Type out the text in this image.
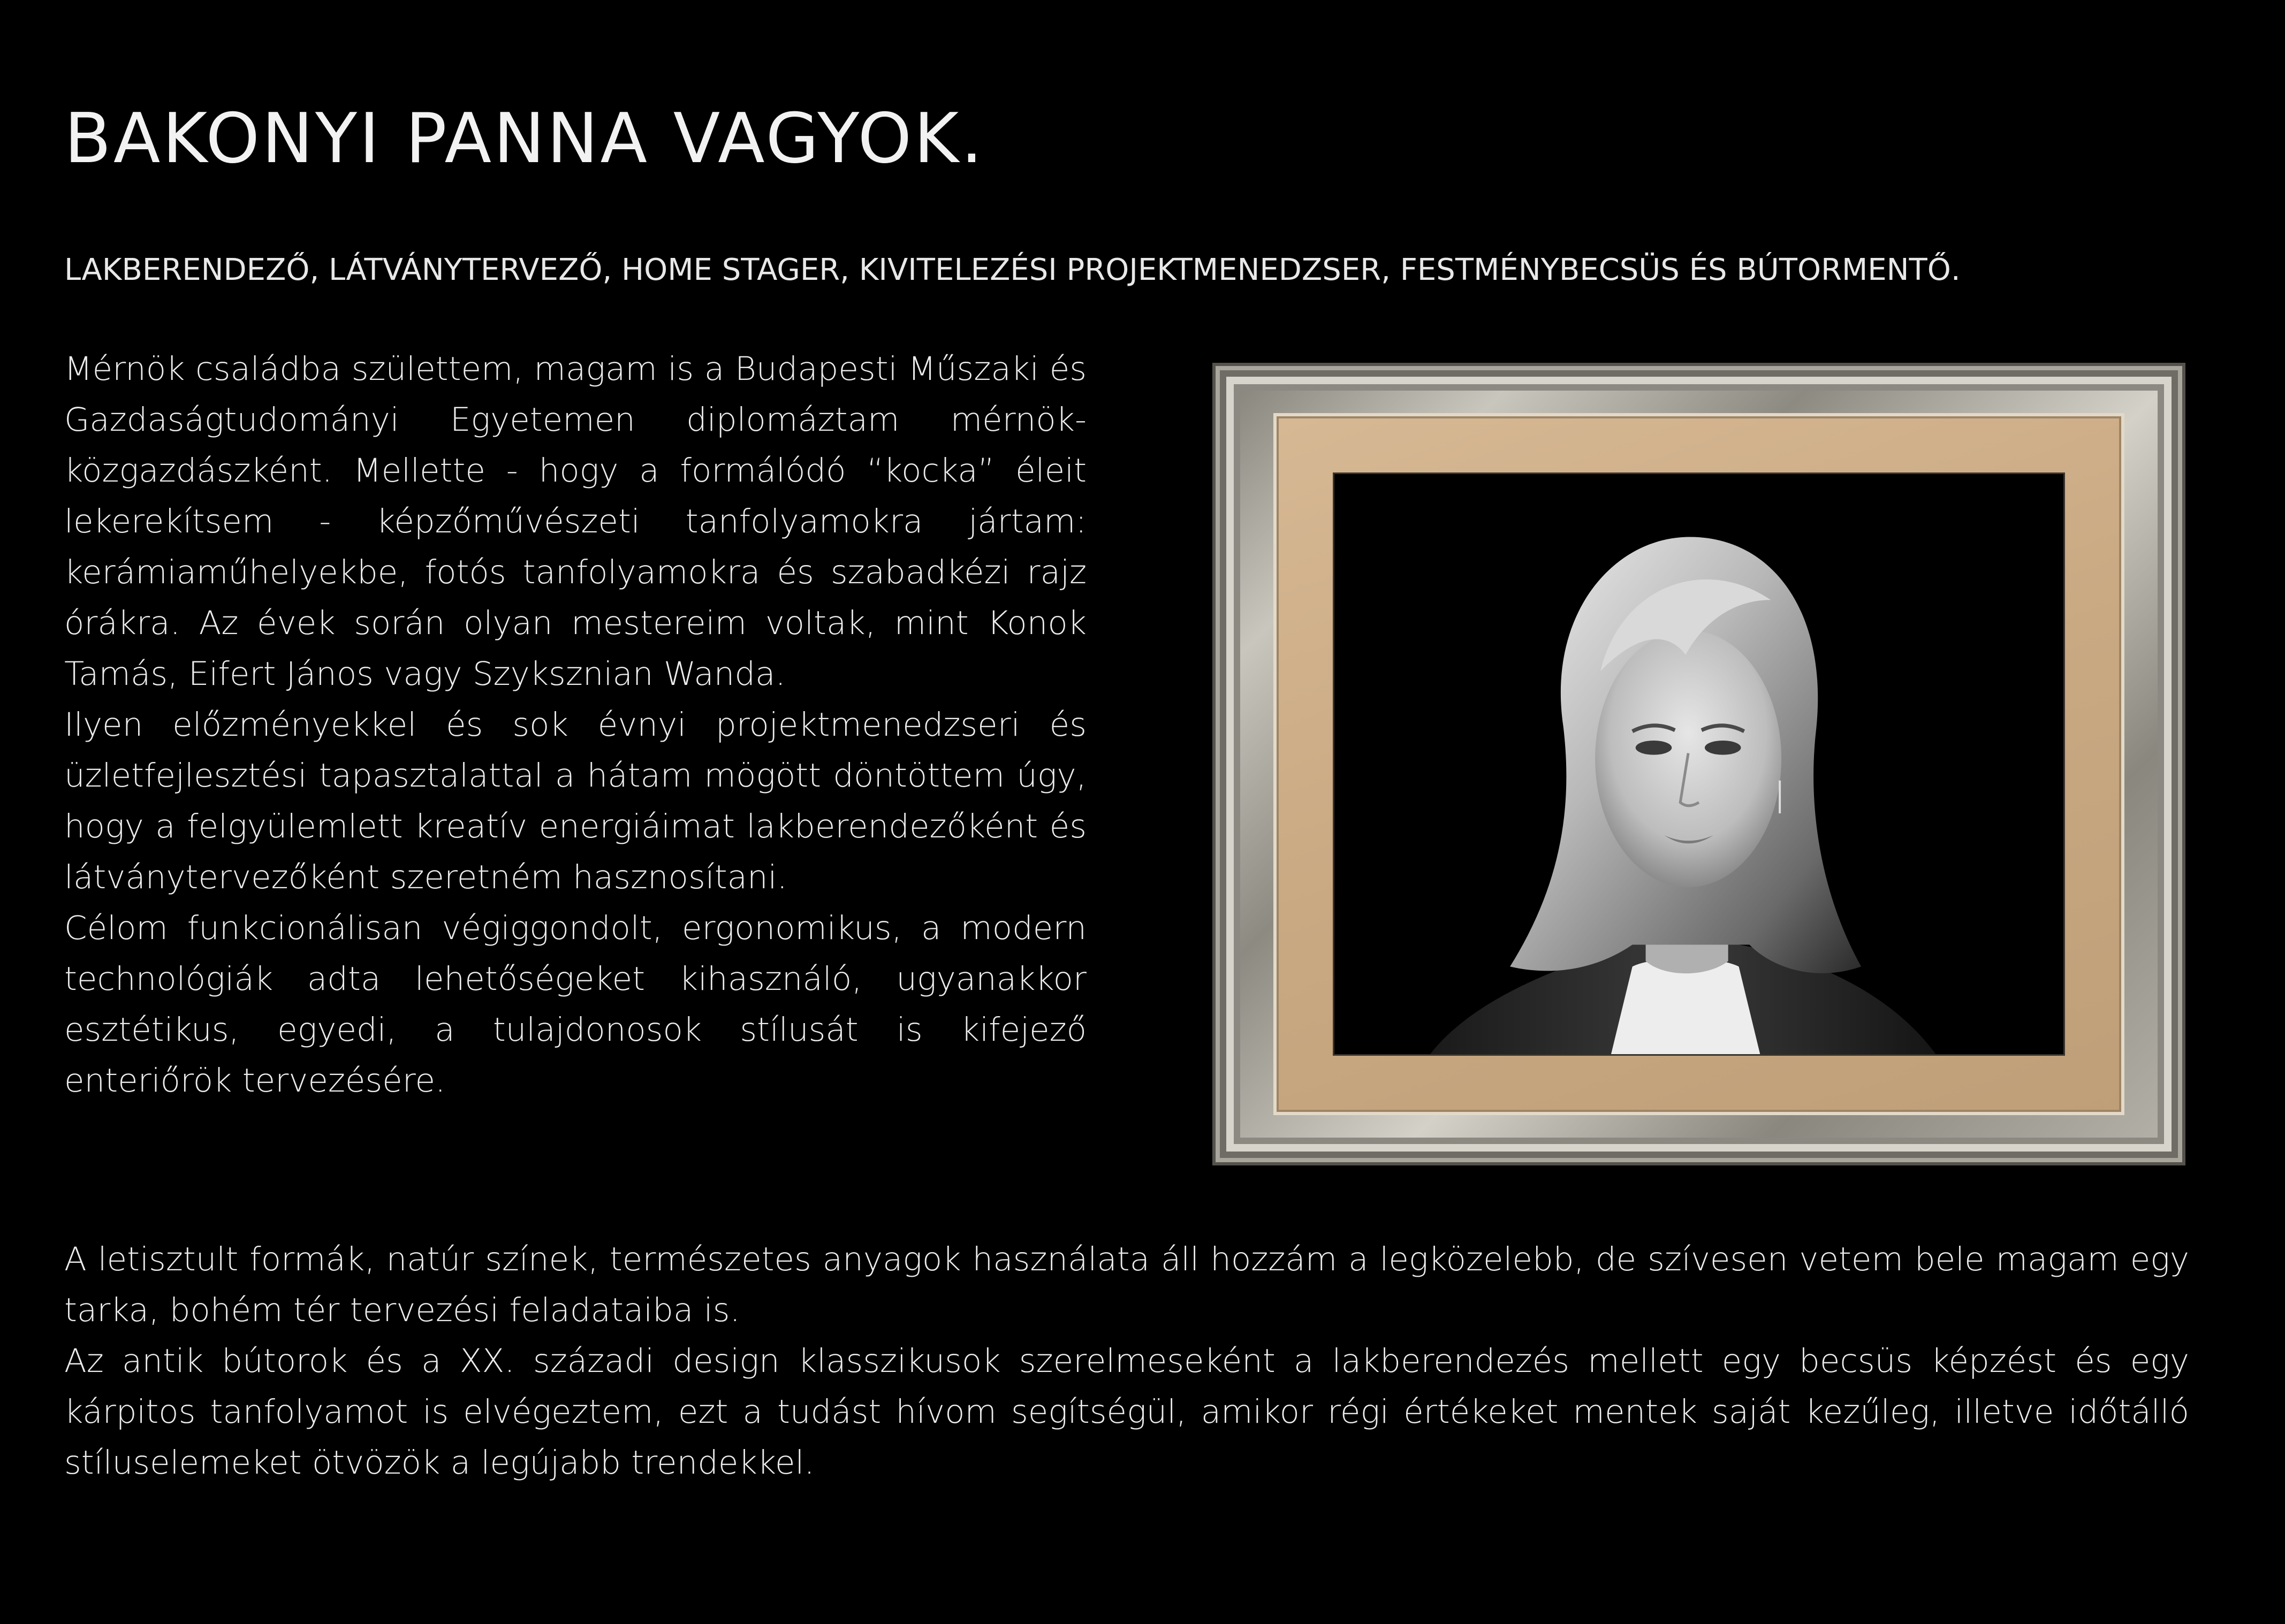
BAKONYI PANNA VAGYOK.

LAKBERENDEZŐ, LÁTVÁNYTERVEZŐ, HOME STAGER, KIVITELEZÉSI PROJEKTMENEDZSER, FESTMÉNYBECSÜS ÉS BÚTORMENTŐ.

Mérnök családba születtem, magam is a Budapesti Műszaki és Gazdaságtudományi Egyetemen diplomáztam mérnök-közgazdászként. Mellette - hogy a formálódó “kocka” éleit lekerekítsem - képzőművészeti tanfolyamokra jártam: kerámiaműhelyekbe, fotós tanfolyamokra és szabadkézi rajz órákra. Az évek során olyan mestereim voltak, mint Konok Tamás, Eifert János vagy Szyksznian Wanda.

Ilyen előzményekkel és sok évnyi projektmenedzseri és üzletfejlesztési tapasztalattal a hátam mögött döntöttem úgy, hogy a felgyülemlett kreatív energiáimat lakberendezőként és látványtervezőként szeretném hasznosítani.

Célom funkcionálisan végiggondolt, ergonomikus, a modern technológiák adta lehetőségeket kihasználó, ugyanakkor esztétikus, egyedi, a tulajdonosok stílusát is kifejező enteriőrök tervezésére.

A letisztult formák, natúr színek, természetes anyagok használata áll hozzám a legközelebb, de szívesen vetem bele magam egy tarka, bohém tér tervezési feladataiba is.

Az antik bútorok és a XX. századi design klasszikusok szerelmeseként a lakberendezés mellett egy becsüs képzést és egy kárpitos tanfolyamot is elvégeztem, ezt a tudást hívom segítségül, amikor régi értékeket mentek saját kezűleg, illetve időtálló stíluselemeket ötvözök a legújabb trendekkel.
